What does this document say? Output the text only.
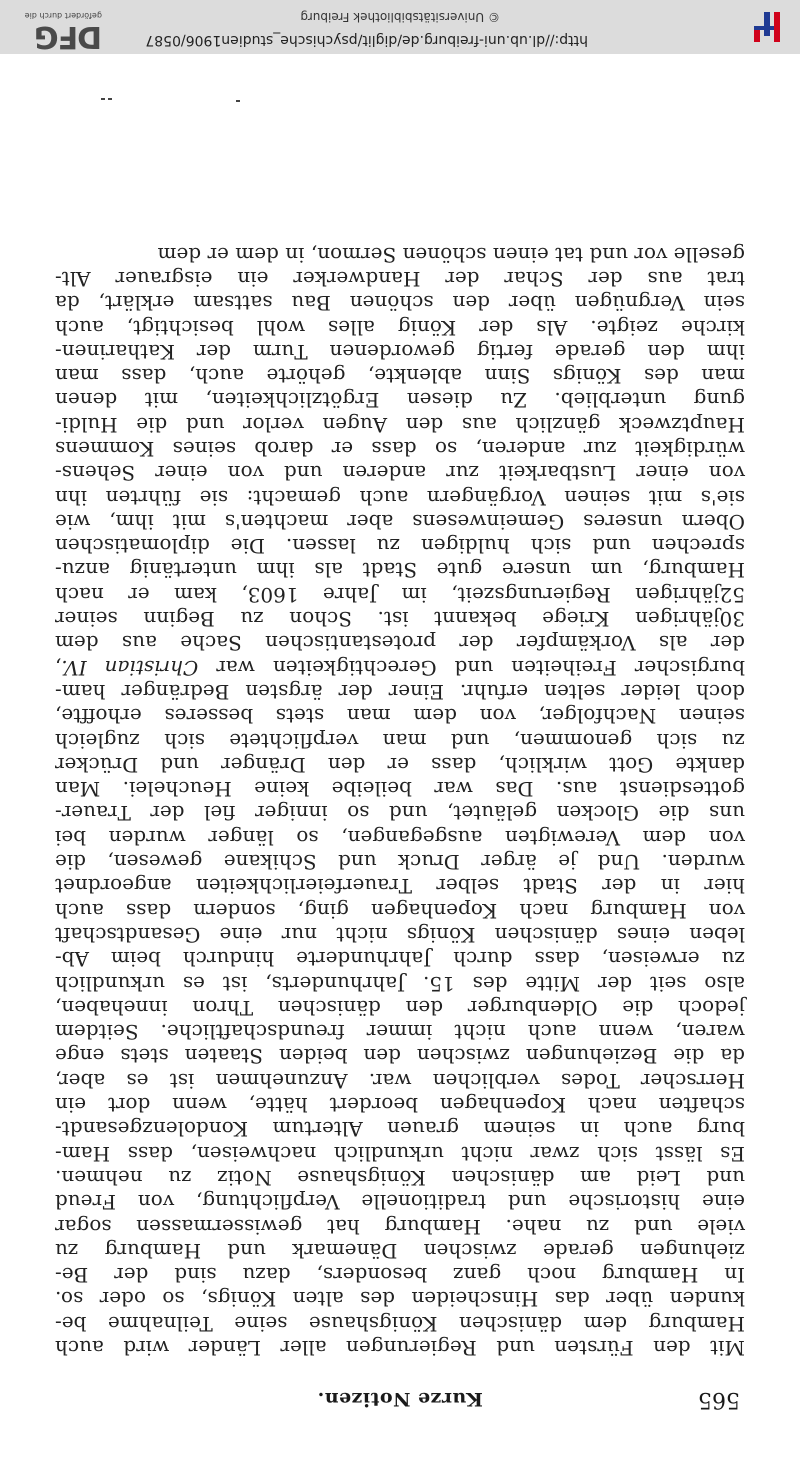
565
Kurze Notizen.
Mit den Fürsten und Regierungen aller Länder wird auch
Hamburg dem dänischen Königshause seine Teilnahme be-
kunden über das Hinscheiden des alten Königs, so oder so.
In Hamburg noch ganz besonders, dazu sind der Be-
ziehungen gerade zwischen Dänemark und Hamburg zu
viele und zu nahe. Hamburg hat gewissermassen sogar
eine historische und traditionelle Verpflichtung, von Freud
und Leid am dänischen Königshause Notiz zu nehmen.
Es lässt sich zwar nicht urkundlich nachweisen, dass Ham-
burg auch in seinem grauen Altertum Kondolenzgesandt-
schaften nach Kopenhagen beordert hätte, wenn dort ein
Herrscher Todes verblichen war. Anzunehmen ist es aber,
da die Beziehungen zwischen den beiden Staaten stets enge
waren, wenn auch nicht immer freundschaftliche. Seitdem
jedoch die Oldenburger den dänischen Thron innehaben,
also seit der Mitte des 15. Jahrhunderts, ist es urkundlich
zu erweisen, dass durch Jahrhunderte hindurch beim Ab-
leben eines dänischen Königs nicht nur eine Gesandtschaft
von Hamburg nach Kopenhagen ging, sondern dass auch
hier in der Stadt selber Trauerfeierlichkeiten angeordnet
wurden. Und je ärger Druck und Schikane gewesen, die
von dem Verewigten ausgegangen, so länger wurden bei
uns die Glocken geläutet, und so inniger fiel der Trauer-
gottesdienst aus. Das war beileibe keine Heuchelei. Man
dankte Gott wirklich, dass er den Dränger und Drücker
zu sich genommen, und man verpflichtete sich zugleich
seinen Nachfolger, von dem man stets besseres erhoffte,
doch leider selten erfuhr. Einer der ärgsten Bedränger ham-
burgischer Freiheiten und Gerechtigkeiten war Christian IV.,
der als Vorkämpfer der protestantischen Sache aus dem
30jährigen Kriege bekannt ist. Schon zu Beginn seiner
52jährigen Regierungszeit, im Jahre 1603, kam er nach
Hamburg, um unsere gute Stadt als ihm untertänig anzu-
sprechen und sich huldigen zu lassen. Die diplomatischen
Obern unseres Gemeinwesens aber machten's mit ihm, wie
sie's mit seinen Vorgängern auch gemacht: sie führten ihn
von einer Lustbarkeit zur anderen und von einer Sehens-
würdigkeit zur anderen, so dass er darob seines Kommens
Hauptzweck gänzlich aus den Augen verlor und die Huldi-
gung unterblieb. Zu diesen Ergötzlichkeiten, mit denen
man des Königs Sinn ablenkte, gehörte auch, dass man
ihm den gerade fertig gewordenen Turm der Katharinen-
kirche zeigte. Als der König alles wohl besichtigt, auch
sein Vergnügen über den schönen Bau sattsam erklärt, da
trat aus der Schar der Handwerker ein eisgrauer Alt-
geselle vor und tat einen schönen Sermon, in dem er dem
http://dl.ub.uni-freiburg.de/diglit/psychische_studien1906/0587
© Universitätsbibliothek Freiburg
DFG
gefördert durch die
